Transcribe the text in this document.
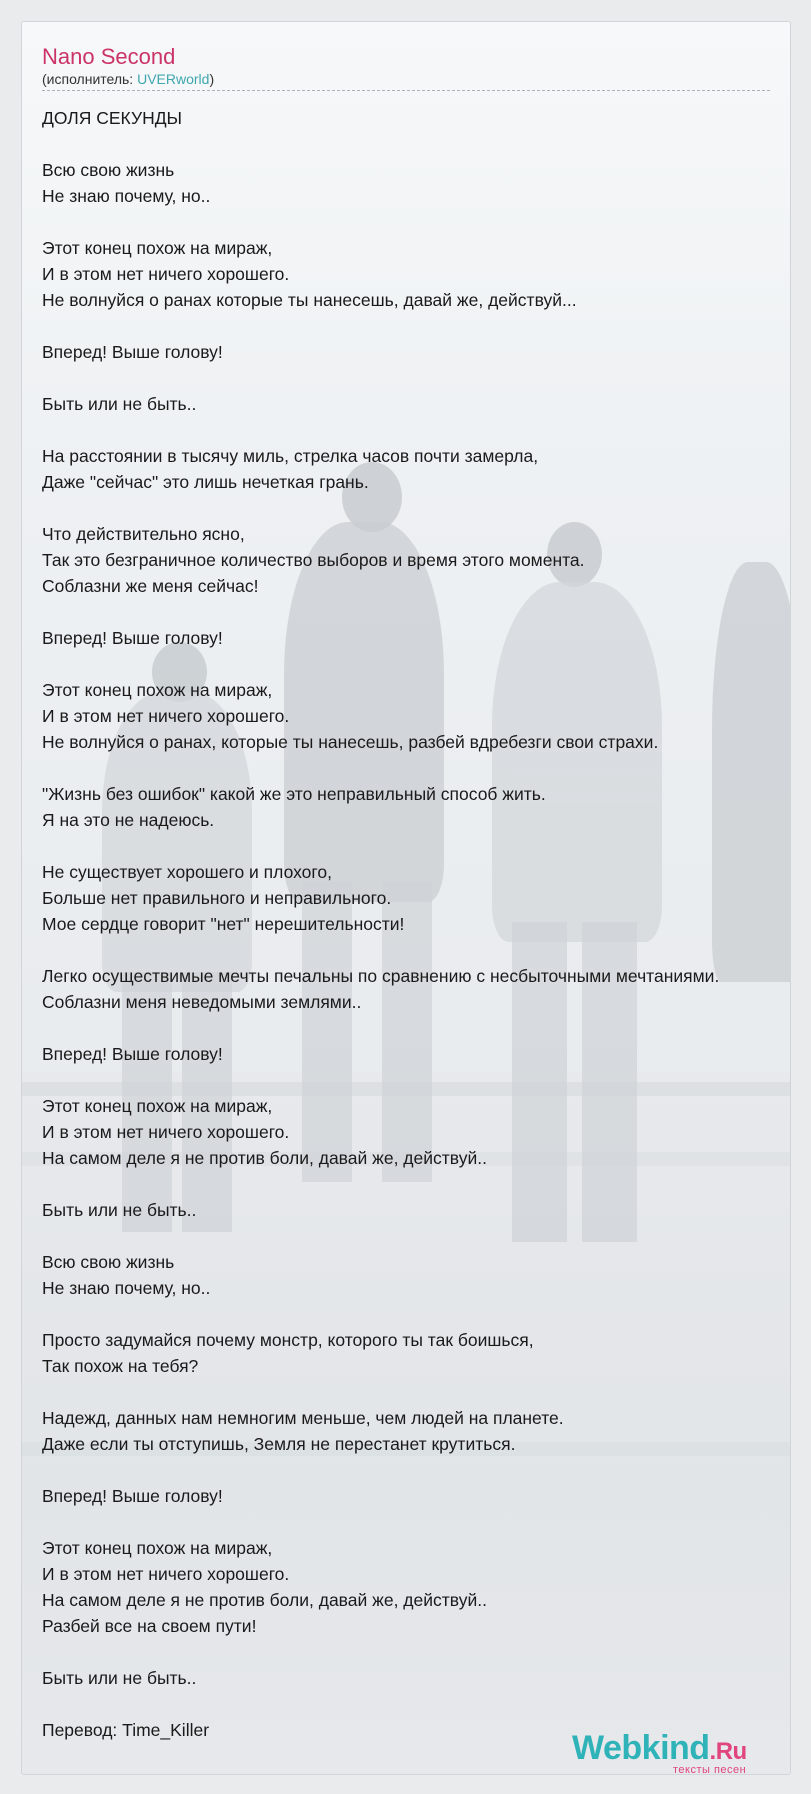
Nano Second
(исполнитель: UVERworld)
ДОЛЯ СЕКУНДЫ
Всю свою жизнь
Не знаю почему, но..
Этот конец похож на мираж,
И в этом нет ничего хорошего.
Не волнуйся о ранах которые ты нанесешь, давай же, действуй...
Вперед! Выше голову!
Быть или не быть..
На расстоянии в тысячу миль, стрелка часов почти замерла,
Даже "сейчас" это лишь нечеткая грань.
Что действительно ясно,
Так это безграничное количество выборов и время этого момента.
Соблазни же меня сейчас!
Вперед! Выше голову!
Этот конец похож на мираж,
И в этом нет ничего хорошего.
Не волнуйся о ранах, которые ты нанесешь, разбей вдребезги свои страхи.
"Жизнь без ошибок" какой же это неправильный способ жить.
Я на это не надеюсь.
Не существует хорошего и плохого,
Больше нет правильного и неправильного.
Мое сердце говорит "нет" нерешительности!
Легко осуществимые мечты печальны по сравнению с несбыточными мечтаниями.
Соблазни меня неведомыми землями..
Вперед! Выше голову!
Этот конец похож на мираж,
И в этом нет ничего хорошего.
На самом деле я не против боли, давай же, действуй..
Быть или не быть..
Всю свою жизнь
Не знаю почему, но..
Просто задумайся почему монстр, которого ты так боишься,
Так похож на тебя?
Надежд, данных нам немногим меньше, чем людей на планете.
Даже если ты отступишь, Земля не перестанет крутиться.
Вперед! Выше голову!
Этот конец похож на мираж,
И в этом нет ничего хорошего.
На самом деле я не против боли, давай же, действуй..
Разбей все на своем пути!
Быть или не быть..
Перевод: Time_Killer	Webkind.Ru
тексты песен
